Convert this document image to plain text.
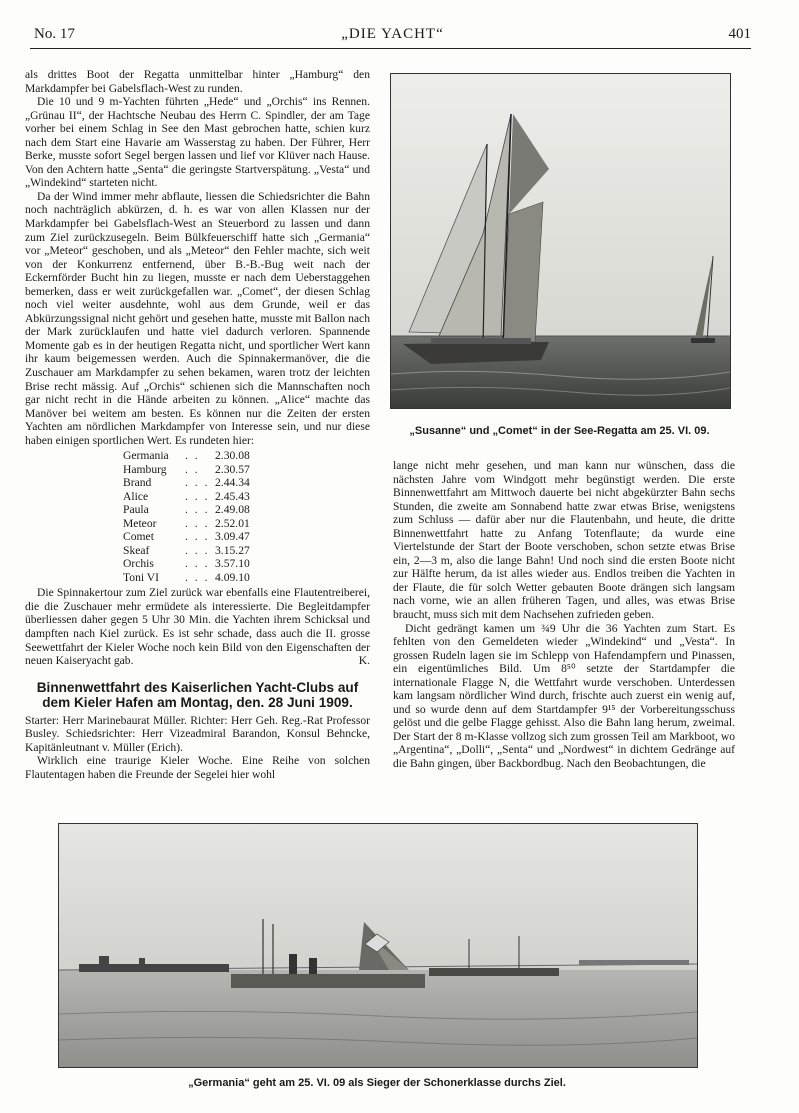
No. 17	„DIE YACHT“	401

als drittes Boot der Regatta unmittelbar hinter „Hamburg“ den Markdampfer bei Gabelsflach-West zu runden.

Die 10 und 9 m-Yachten führten „Hede“ und „Orchis“ ins Rennen. „Grünau II“, der Hachtsche Neubau des Herrn C. Spindler, der am Tage vorher bei einem Schlag in See den Mast gebrochen hatte, schien kurz nach dem Start eine Havarie am Wasserstag zu haben. Der Führer, Herr Berke, musste sofort Segel bergen lassen und lief vor Klüver nach Hause. Von den Achtern hatte „Senta“ die geringste Startverspätung. „Vesta“ und „Windekind“ starteten nicht.

Da der Wind immer mehr abflaute, liessen die Schiedsrichter die Bahn noch nachträglich abkürzen, d. h. es war von allen Klassen nur der Markdampfer bei Gabelsflach-West an Steuerbord zu lassen und dann zum Ziel zurückzusegeln. Beim Bülkfeuerschiff hatte sich „Germania“ vor „Meteor“ geschoben, und als „Meteor“ den Fehler machte, sich weit von der Konkurrenz entfernend, über B.-B.-Bug weit nach der Eckernförder Bucht hin zu liegen, musste er nach dem Ueberstaggehen bemerken, dass er weit zurückgefallen war. „Comet“, der diesen Schlag noch viel weiter ausdehnte, wohl aus dem Grunde, weil er das Abkürzungssignal nicht gehört und gesehen hatte, musste mit Ballon nach der Mark zurücklaufen und hatte viel dadurch verloren. Spannende Momente gab es in der heutigen Regatta nicht, und sportlicher Wert kann ihr kaum beigemessen werden. Auch die Spinnakermanöver, die die Zuschauer am Markdampfer zu sehen bekamen, waren trotz der leichten Brise recht mässig. Auf „Orchis“ schienen sich die Mannschaften noch gar nicht recht in die Hände arbeiten zu können. „Alice“ machte das Manöver bei weitem am besten. Es können nur die Zeiten der ersten Yachten am nördlichen Markdampfer von Interesse sein, und nur diese haben einigen sportlichen Wert. Es rundeten hier:

Germania	. .	2.30.08
Hamburg	. .	2.30.57
Brand	. . . 2.44.34
Alice	. . . 2.45.43
Paula	. . . 2.49.08
Meteor	. . . 2.52.01
Comet	. . . 3.09.47
Skeaf	. . . 3.15.27
Orchis	. . . 3.57.10
Toni VI	. . . 4.09.10

Die Spinnakertour zum Ziel zurück war ebenfalls eine Flautentreiberei, die die Zuschauer mehr ermüdete als interessierte. Die Begleitdampfer überliessen daher gegen 5 Uhr 30 Min. die Yachten ihrem Schicksal und dampften nach Kiel zurück. Es ist sehr schade, dass auch die II. grosse Seewettfahrt der Kieler Woche noch kein Bild von den Eigenschaften der neuen Kaiseryacht gab.	K.

Binnenwettfahrt des Kaiserlichen Yacht-Clubs auf dem Kieler Hafen am Montag, den. 28 Juni 1909.

Starter: Herr Marinebaurat Müller. Richter: Herr Geh. Reg.-Rat Professor Busley. Schiedsrichter: Herr Vizeadmiral Barandon, Konsul Behncke, Kapitänleutnant v. Müller (Erich).

Wirklich eine traurige Kieler Woche. Eine Reihe von solchen Flautentagen haben die Freunde der Segelei hier wohl

„Susanne“ und „Comet“ in der See-Regatta am 25. VI. 09.

lange nicht mehr gesehen, und man kann nur wünschen, dass die nächsten Jahre vom Windgott mehr begünstigt werden. Die erste Binnenwettfahrt am Mittwoch dauerte bei nicht abgekürzter Bahn sechs Stunden, die zweite am Sonnabend hatte zwar etwas Brise, wenigstens zum Schluss — dafür aber nur die Flautenbahn, und heute, die dritte Binnenwettfahrt hatte zu Anfang Totenflaute; da wurde eine Viertelstunde der Start der Boote verschoben, schon setzte etwas Brise ein, 2—3 m, also die lange Bahn! Und noch sind die ersten Boote nicht zur Hälfte herum, da ist alles wieder aus. Endlos treiben die Yachten in der Flaute, die für solch Wetter gebauten Boote drängen sich langsam nach vorne, wie an allen früheren Tagen, und alles, was etwas Brise braucht, muss sich mit dem Nachsehen zufrieden geben.

Dicht gedrängt kamen um ¾9 Uhr die 36 Yachten zum Start. Es fehlten von den Gemeldeten wieder „Windekind“ und „Vesta“. In grossen Rudeln lagen sie im Schlepp von Hafendampfern und Pinassen, ein eigentümliches Bild. Um 8⁵⁰ setzte der Startdampfer die internationale Flagge N, die Wettfahrt wurde verschoben. Unterdessen kam langsam nördlicher Wind durch, frischte auch zuerst ein wenig auf, und so wurde denn auf dem Startdampfer 9¹⁵ der Vorbereitungsschuss gelöst und die gelbe Flagge gehisst. Also die Bahn lang herum, zweimal. Der Start der 8 m-Klasse vollzog sich zum grossen Teil am Markboot, wo „Argentina“, „Dolli“, „Senta“ und „Nordwest“ in dichtem Gedränge auf die Bahn gingen, über Backbordbug. Nach den Beobachtungen, die

„Germania“ geht am 25. VI. 09 als Sieger der Schonerklasse durchs Ziel.
